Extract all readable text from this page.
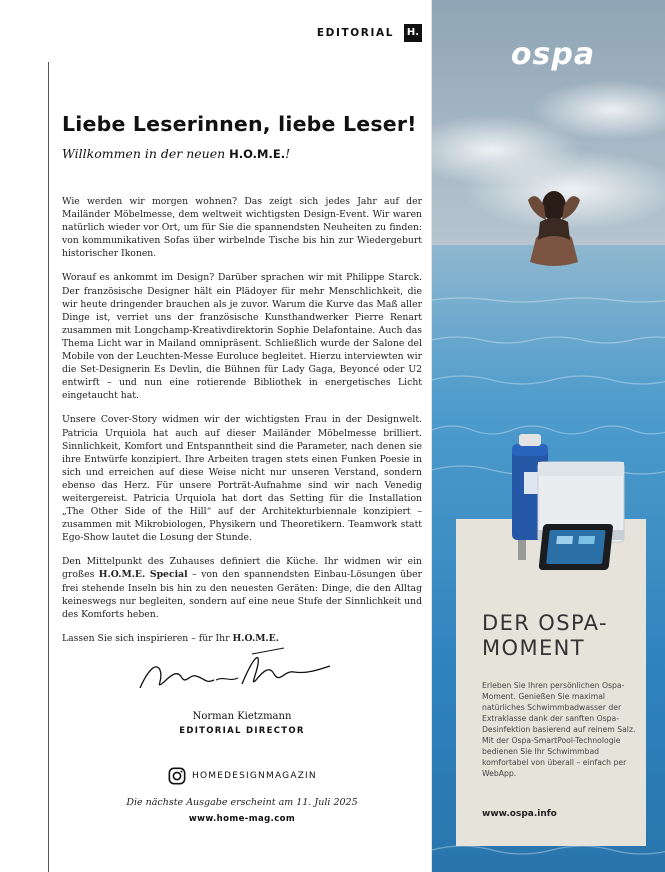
EDITORIAL H.
Liebe Leserinnen, liebe Leser!
Willkommen in der neuen H.O.M.E.!

Wie werden wir morgen wohnen? Das zeigt sich jedes Jahr auf der Mailänder Möbelmesse, dem weltweit wichtigsten Design-Event. Wir waren natürlich wieder vor Ort, um für Sie die spannendsten Neuheiten zu finden: von kommunikativen Sofas über wirbelnde Tische bis hin zur Wiedergeburt historischer Ikonen.

Worauf es ankommt im Design? Darüber sprachen wir mit Philippe Starck. Der französische Designer hält ein Plädoyer für mehr Menschlichkeit, die wir heute dringender brauchen als je zuvor. Warum die Kurve das Maß aller Dinge ist, verriet uns der französische Kunsthandwerker Pierre Renart zusammen mit Longchamp-Kreativdirektorin Sophie Delafontaine. Auch das Thema Licht war in Mailand omnipräsent. Schließlich wurde der Salone del Mobile von der Leuchten-Messe Euroluce begleitet. Hierzu interviewten wir die Set-Designerin Es Devlin, die Bühnen für Lady Gaga, Beyoncé oder U2 entwirft – und nun eine rotierende Bibliothek in energetisches Licht eingetaucht hat.

Unsere Cover-Story widmen wir der wichtigsten Frau in der Designwelt. Patricia Urquiola hat auch auf dieser Mailänder Möbelmesse brilliert. Sinnlichkeit, Komfort und Entspanntheit sind die Parameter, nach denen sie ihre Entwürfe konzipiert. Ihre Arbeiten tragen stets einen Funken Poesie in sich und erreichen auf diese Weise nicht nur unseren Verstand, sondern ebenso das Herz. Für unsere Porträt-Aufnahme sind wir nach Venedig weitergereist. Patricia Urquiola hat dort das Setting für die Installation „The Other Side of the Hill“ auf der Architekturbiennale konzipiert – zusammen mit Mikrobiologen, Physikern und Theoretikern. Teamwork statt Ego-Show lautet die Losung der Stunde.

Den Mittelpunkt des Zuhauses definiert die Küche. Ihr widmen wir ein großes H.O.M.E. Special – von den spannendsten Einbau-Lösungen über frei stehende Inseln bis hin zu den neuesten Geräten: Dinge, die den Alltag keineswegs nur begleiten, sondern auf eine neue Stufe der Sinnlichkeit und des Komforts heben.

Lassen Sie sich inspirieren – für Ihr H.O.M.E.

Norman Kietzmann
EDITORIAL DIRECTOR
HOMEDESIGNMAGAZIN
Die nächste Ausgabe erscheint am 11. Juli 2025
www.home-mag.com
ospa
DER OSPA-
MOMENT
Erleben Sie Ihren persönlichen Ospa-Moment. Genießen Sie maximal natürliches Schwimmbadwasser der Extraklasse dank der sanften Ospa-Desinfektion basierend auf reinem Salz. Mit der Ospa-SmartPool-Technologie bedienen Sie Ihr Schwimmbad komfortabel von überall – einfach per WebApp.
www.ospa.info
